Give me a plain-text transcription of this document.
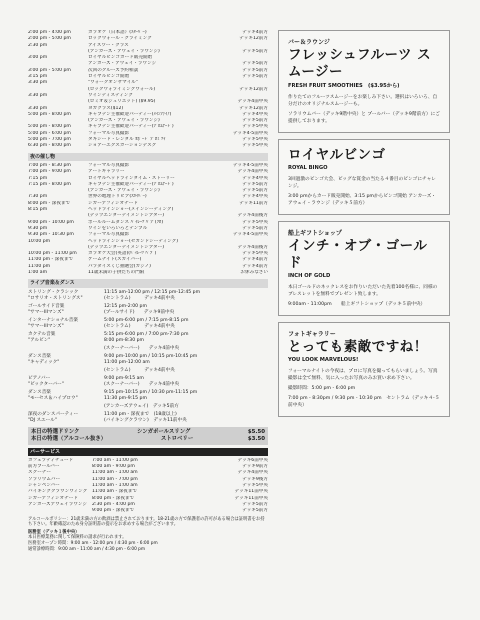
2:00 pm - 4:00 pm	カラオケ（日本語）(ｽﾀｰﾊﾞｰ)	デッキ4前方
2:00 pm - 5:00 pm	ロックウォール・クライミング	デッキ12前方
2:30 pm	アイスワー・クラス
(アンカーズ・アウェイ・ラウンジ)	デッキ5前方
3:00 pm	ロイヤルビンゴカード販売開始
アンカーズ・アウェイ・ラウンジ	デッキ5前方
3:00 pm - 5:00 pm	次回のクルーズ予約相談	デッキ5前方
3:15 pm	ロイヤルビンゴ開始	デッキ5前方
3:30 pm	"ウォークオンザマイル"
(ロックウォライミングウォール)	デッキ12前方
3:30 pm	ワインティスティング
(ロミオ＆ジュリエット) ($9.95)	デッキ4前中央
3:30 pm	ヨガクラス($12)	デッキ12前方
5:00 pm - 8:00 pm	キャプテン主催歓迎パーティー(ﾒｲﾝﾌｧｲｱ)	デッキ4中央
(アンカーズ・アウェイ・ラウンジ)	デッキ5前方
5:00 pm - 8:00 pm	キャプテン主催歓迎パーティー(ﾌﾟﾛﾑﾅｰﾄﾞ)	デッキ5中央
5:00 pm - 6:00 pm	フォーマル写真撮影	デッキ4-5前中央
5:00 pm - 7:00 pm	タキシード・レンタル ｵﾎﾞｰﾄﾞ ﾌﾟﾛﾐ ﾂｲ	デッキ5中央
6:30 pm - 8:00 pm	ショアーエクスカーションデスク	デッキ5中央
夜の催し物
7:00 pm - 8:30 pm	フォーマル写真撮影	デッキ4-5前中央
7:00 pm - 9:00 pm	アートギャラリー	デッキ4前中央
7:15 pm	ロイヤルヘッドラインタイム・ストーリー	デッキ4中央
7:15 pm - 8:00 pm	キャプテン主催歓迎パーティー(ﾌﾟﾛﾑﾅｰﾄﾞ)	デッキ5前方
(アンカーズ・アウェイ・ラウンジ)	デッキ5前方
7:30 pm	世界の地理トリビア(ｽｶｲﾊﾞｰ)	デッキ4中央
8:00 pm - 深夜まで	シガーアフィシオナード	デッキ11前方
8:15 pm	ヘッドラインショー(メインシーティング)
(デッツエンターテイメントシアター)	デッキ4前後方
9:00 pm - 10:00 pm	ボールルームダンス ﾊﾟｲﾚｰﾂ ﾊﾟﾌﾟ(ｿﾛ)	デッキ5中央
9:30 pm	ワインをいろいろとテンプル	デッキ5前方
9:30 pm - 10:30 pm	フォーマル写真撮影	デッキ4-5前中央
10:00 pm	ヘッドラインショー(セカンドシーティング)
(デッツエンターテイメントシアター)	デッキ4前後方
10:00 pm - 11:00 pm	カラオケ大会(英語)(ﾊﾟｲﾚｰﾂ ﾊﾟﾌﾟ)	デッキ5中央
11:00 pm - 深夜まで	ゲームナイト(スカイバー)	デッキ4前方
11:00 pm	パラダイスくじ抽選会(カジノ)	デッキ4前方
1:00 am	11歳未満の子供たちの門限	お休みなさい
ライブ音楽＆ダンス
ストリング・クラシック
"ロサリオ・ストリングス"
11:15 am-12:00 pm / 12:15 pm-12:45 pm
(セントラム)　　　デッキ4前中央
ゴールサイド音楽
"サマーIIIマンズ"
12:15 pm-2:00 pm
(プールサイド)　　デッキ9前中央
インターナショナル音楽
"サマーIIIマンズ"
5:00 pm-6:00 pm / 7:15 pm-8:15 pm
(セントラム)　　　デッキ4前中央
カクテル音楽
"アルビン"
5:15 pm-6:00 pm / 7:00 pm-7:30 pm
8:00 pm-8:30 pm
(スクーナーバー)　　デッキ4前中央
ダンス音楽
"キャディック"
9:00 pm-10:00 pm / 10:15 pm-10:45 pm
11:00 pm-12:00 am
(セントラム)　　　デッキ4前中央
ピアノバー
"ビックターバー"
9:00 pm-9:15 am
(スクーナーバー)　　デッキ4前中央
ダンス音楽
"モーセス＆ハイプロウ"
9:15 pm-10:15 pm / 10:30 pm-11:15 pm
11:30 pm-9:15 pm
(アンカーズアウェイ)　デッキ5前方
深夜のダンスパーティー
"DJ スエール"
11:00 pm - 深夜まで　(18歳以上)
(バイキングクラウン)　デッキ11前中央
本日の特選ドリンク	シンガポールスリング	$5.50
本日の特選（アルコール抜き）	ストロベリー	$3.50
バーサービス
カフェラティチュード	7:00 am - 11:00 pm	デッキ6前中央
前方プールバー	8:00 am - 9:00 pm	デッキ9前方
スクーナー	11:00 am - 1:00 am	デッキ4前中央
ソラリウムバー	11:00 am - 7:00 pm	デッキ9後方
シャンペンバー	11:00 am - 1:00 am	デッキ5中央
バイキングクラウンウィング	11:00 am - 深夜まで	デッキ11前中央
シガーアフィシオナード	8:00 pm - 深夜まで	デッキ11前中央
アンカーズアウェイラウンジ	2:30 pm - 4:00 pm	デッキ5前方
9:00 pm - 深夜まで	デッキ5前方
アルコールポリシー：21歳未満の方の飲酒は禁止されております。18-21歳の方で保護者の許可がある場合は証明書をお持ち下さい。年齢確認のため身分証明書の提示をお求めする場合がございます。
医務室（デッキ１後中央）
本日医療業務に関して保険料の請求が行われます。
医務室オープン時間：9:00 am - 12:00 pm / 4:30 pm - 6:00 pm
通常診療時間：9:00 am - 11:00 am / 4:30 pm - 6:00 pm
バー＆ラウンジ
フレッシュフルーツ スムージー
FRESH FRUIT SMOOTHIES　($3.95から)

作りたてのフルーツスムージーをお楽しみ下さい。選択はいろいろ、自分だけのオリジナルスムージーも。

ソラリウムバー（デッキ9階中央）と プールバー（デッキ9階前方）にご提供しております。

ロイヤルビンゴ
ROYAL BINGO

3回過激のビンゴ大会、ビッグな賞金の当たる４番目のビンゴにチャレンジ。

3:00 pmからカード販売開始、3:15 pmからビンゴ開始 アンカーズ・アウェイ・ラウンジ（デッキ５前方）

船上ギフトショップ
インチ・オブ・ゴールド
INCH OF GOLD

本日ゴールドのネックレスをお作りいただいた先着100名様に、同様のブレスレットを無料でプレゼント致します。

9:00am - 11:00pm　　船上ギフトショップ（デッキ５前中央）

フォトギャラリー
とっても素敵ですね！
YOU LOOK MARVELOUS!

フォーマルナイトの今夜は、プロに写真を撮ってもらいましょう。写真撮影は全て無料、気に入ったお写真のみお買い求め下さい。

撮影時間：5:00 pm - 6:00 pm

7:00 pm - 8:30pm / 9:30 pm - 10:30 pm　セントラム（デッキ４-５前中央）
